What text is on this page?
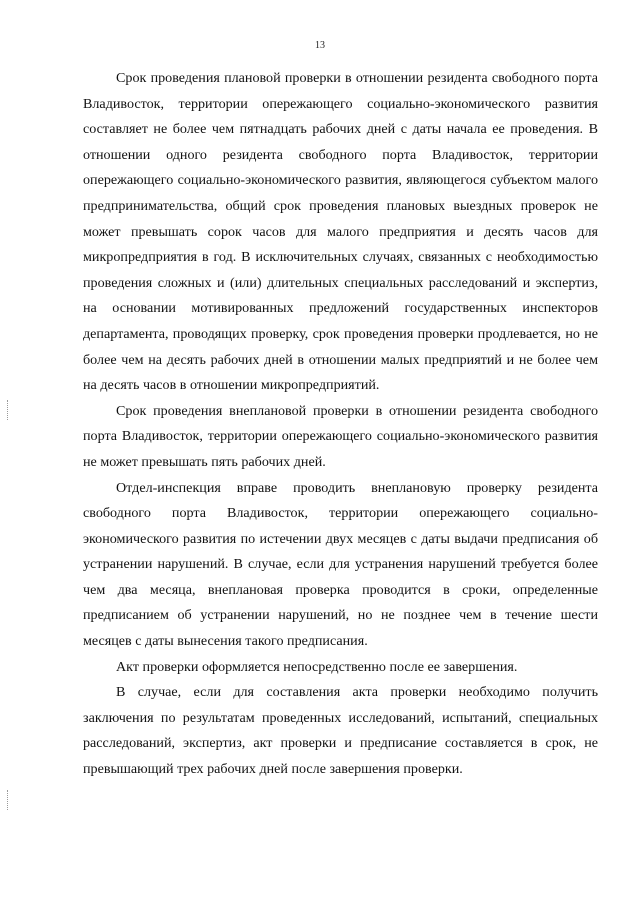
13

Срок проведения плановой проверки в отношении резидента свободного порта Владивосток, территории опережающего социально-экономического развития составляет не более чем пятнадцать рабочих дней с даты начала ее проведения. В отношении одного резидента свободного порта Владивосток, территории опережающего социально-экономического развития, являющегося субъектом малого предпринимательства, общий срок проведения плановых выездных проверок не может превышать сорок часов для малого предприятия и десять часов для микропредприятия в год. В исключительных случаях, связанных с необходимостью проведения сложных и (или) длительных специальных расследований и экспертиз, на основании мотивированных предложений государственных инспекторов департамента, проводящих проверку, срок проведения проверки продлевается, но не более чем на десять рабочих дней в отношении малых предприятий и не более чем на десять часов в отношении микропредприятий.

Срок проведения внеплановой проверки в отношении резидента свободного порта Владивосток, территории опережающего социально-экономического развития не может превышать пять рабочих дней.

Отдел-инспекция вправе проводить внеплановую проверку резидента свободного порта Владивосток, территории опережающего социально-экономического развития по истечении двух месяцев с даты выдачи предписания об устранении нарушений. В случае, если для устранения нарушений требуется более чем два месяца, внеплановая проверка проводится в сроки, определенные предписанием об устранении нарушений, но не позднее чем в течение шести месяцев с даты вынесения такого предписания.

Акт проверки оформляется непосредственно после ее завершения.

В случае, если для составления акта проверки необходимо получить заключения по результатам проведенных исследований, испытаний, специальных расследований, экспертиз, акт проверки и предписание составляется в срок, не превышающий трех рабочих дней после завершения проверки.
